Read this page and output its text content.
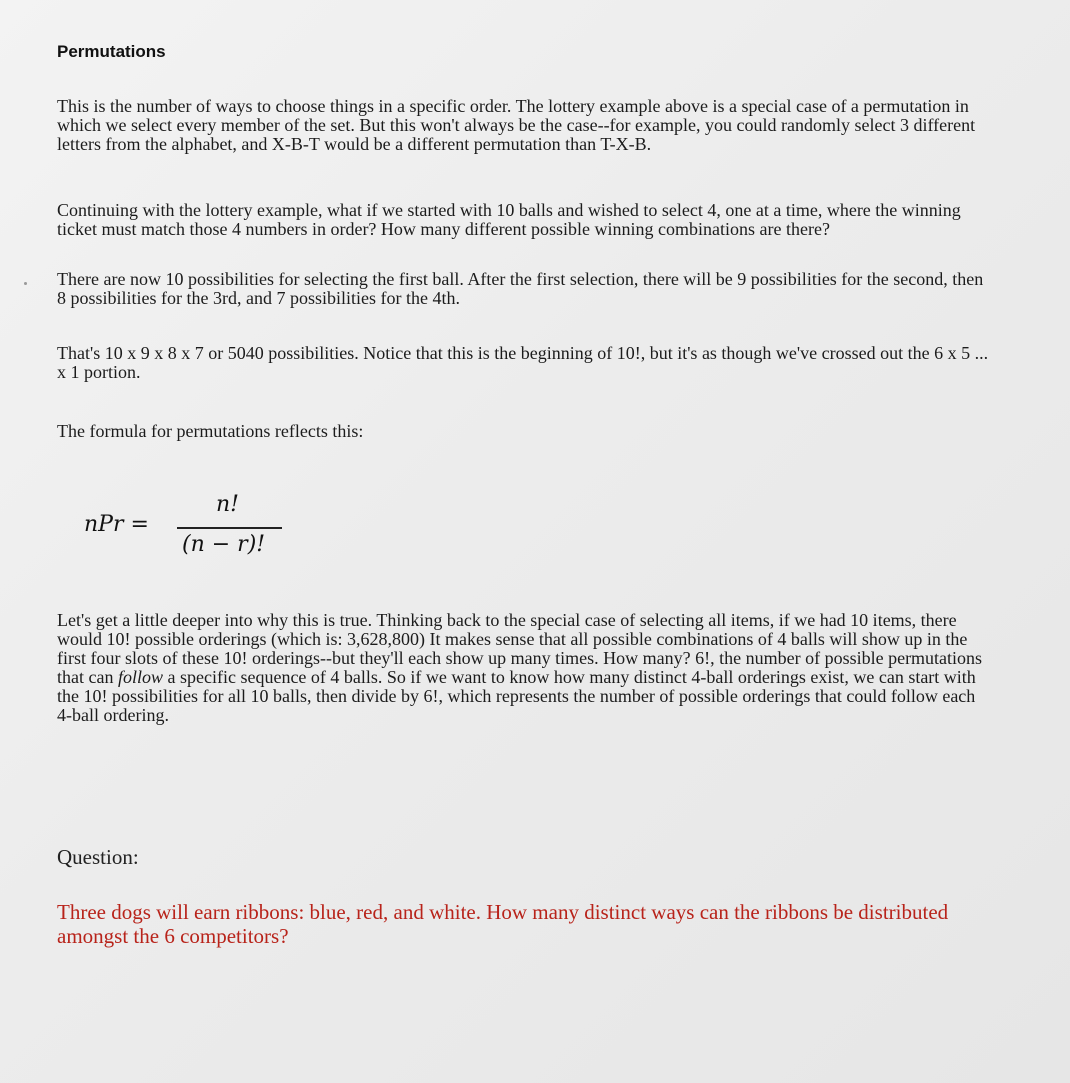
Permutations

This is the number of ways to choose things in a specific order. The lottery example above is a special case of a permutation in which we select every member of the set. But this won't always be the case--for example, you could randomly select 3 different letters from the alphabet, and X-B-T would be a different permutation than T-X-B.

Continuing with the lottery example, what if we started with 10 balls and wished to select 4, one at a time, where the winning ticket must match those 4 numbers in order? How many different possible winning combinations are there?

There are now 10 possibilities for selecting the first ball. After the first selection, there will be 9 possibilities for the second, then 8 possibilities for the 3rd, and 7 possibilities for the 4th.

That's 10 x 9 x 8 x 7 or 5040 possibilities. Notice that this is the beginning of 10!, but it's as though we've crossed out the 6 x 5 ... x 1 portion.

The formula for permutations reflects this:

nPr =
n!
(n − r)!

Let's get a little deeper into why this is true. Thinking back to the special case of selecting all items, if we had 10 items, there would 10! possible orderings (which is: 3,628,800) It makes sense that all possible combinations of 4 balls will show up in the first four slots of these 10! orderings--but they'll each show up many times. How many? 6!, the number of possible permutations that can follow a specific sequence of 4 balls. So if we want to know how many distinct 4-ball orderings exist, we can start with the 10! possibilities for all 10 balls, then divide by 6!, which represents the number of possible orderings that could follow each 4-ball ordering.

Question:

Three dogs will earn ribbons: blue, red, and white. How many distinct ways can the ribbons be distributed amongst the 6 competitors?
